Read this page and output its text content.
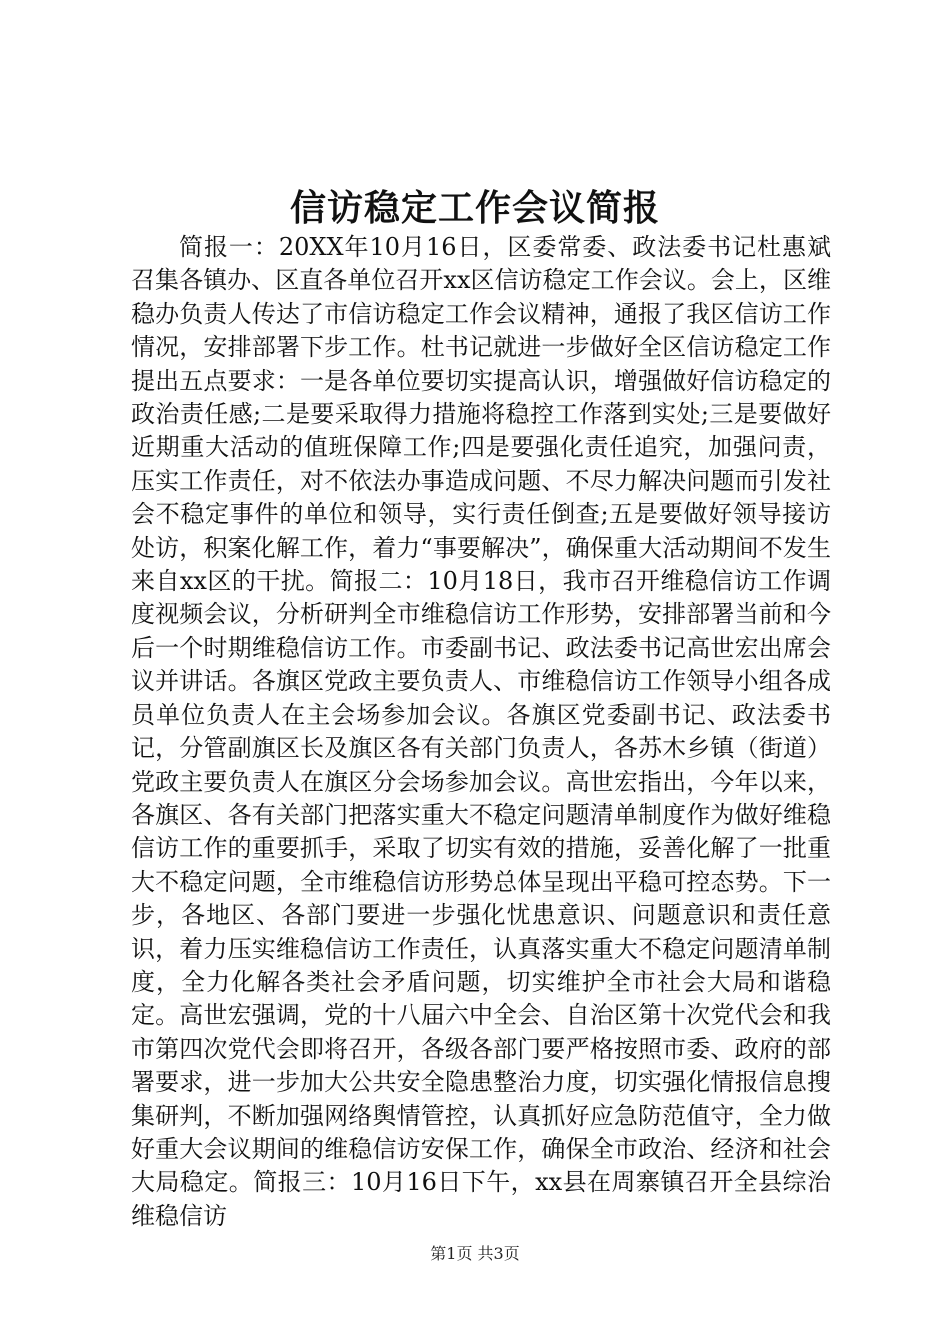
信访稳定工作会议简报

简报一：20XX年10月16日，区委常委、政法委书记杜惠斌召集各镇办、区直各单位召开xx区信访稳定工作会议。会上，区维稳办负责人传达了市信访稳定工作会议精神，通报了我区信访工作情况，安排部署下步工作。杜书记就进一步做好全区信访稳定工作提出五点要求：一是各单位要切实提高认识，增强做好信访稳定的政治责任感;二是要采取得力措施将稳控工作落到实处;三是要做好近期重大活动的值班保障工作;四是要强化责任追究，加强问责，压实工作责任，对不依法办事造成问题、不尽力解决问题而引发社会不稳定事件的单位和领导，实行责任倒查;五是要做好领导接访处访，积案化解工作，着力“事要解决”，确保重大活动期间不发生来自xx区的干扰。简报二：10月18日，我市召开维稳信访工作调度视频会议，分析研判全市维稳信访工作形势，安排部署当前和今后一个时期维稳信访工作。市委副书记、政法委书记高世宏出席会议并讲话。各旗区党政主要负责人、市维稳信访工作领导小组各成员单位负责人在主会场参加会议。各旗区党委副书记、政法委书记，分管副旗区长及旗区各有关部门负责人，各苏木乡镇（街道）党政主要负责人在旗区分会场参加会议。高世宏指出，今年以来，各旗区、各有关部门把落实重大不稳定问题清单制度作为做好维稳信访工作的重要抓手，采取了切实有效的措施，妥善化解了一批重大不稳定问题，全市维稳信访形势总体呈现出平稳可控态势。下一步，各地区、各部门要进一步强化忧患意识、问题意识和责任意识，着力压实维稳信访工作责任，认真落实重大不稳定问题清单制度，全力化解各类社会矛盾问题，切实维护全市社会大局和谐稳定。高世宏强调，党的十八届六中全会、自治区第十次党代会和我市第四次党代会即将召开，各级各部门要严格按照市委、政府的部署要求，进一步加大公共安全隐患整治力度，切实强化情报信息搜集研判，不断加强网络舆情管控，认真抓好应急防范值守，全力做好重大会议期间的维稳信访安保工作，确保全市政治、经济和社会大局稳定。简报三：10月16日下午，xx县在周寨镇召开全县综治维稳信访

第1页 共3页
